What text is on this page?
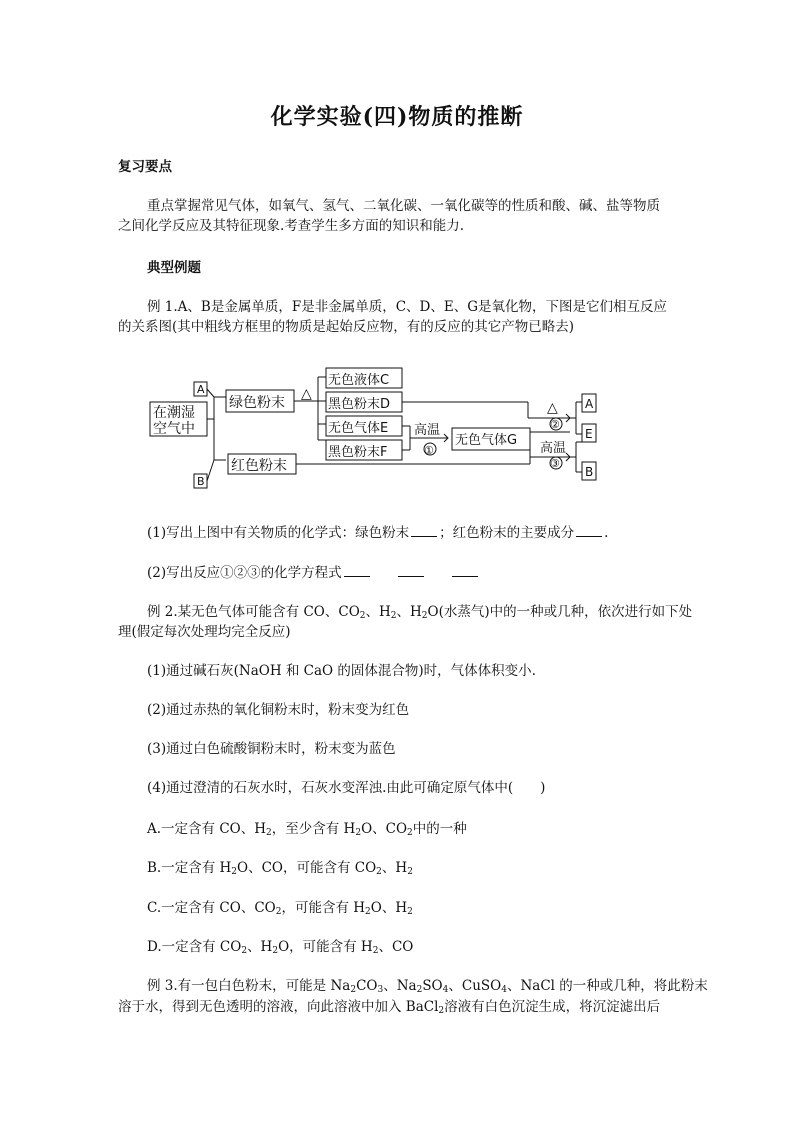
化学实验(四)物质的推断
复习要点
重点掌握常见气体，如氧气、氢气、二氧化碳、一氧化碳等的性质和酸、碱、盐等物质
之间化学反应及其特征现象.考查学生多方面的知识和能力.
典型例题
例 1.A、B是金属单质，F是非金属单质，C、D、E、G是氧化物，下图是它们相互反应
的关系图(其中粗线方框里的物质是起始反应物，有的反应的其它产物已略去)
A
B
在潮湿
空气中
绿色粉末
红色粉末
△
无色液体C
黑色粉末D
无色气体E
黑色粉末F
高温
①
无色气体G
△
②
高温
③
A
E
B
(1)写出上图中有关物质的化学式：绿色粉末 ；红色粉末的主要成分 .
(2)写出反应①②③的化学方程式
例 2.某无色气体可能含有 CO、$CO_2$、$H_2$、$H_2O$(水蒸气)中的一种或几种，依次进行如下处
理(假定每次处理均完全反应)
(1)通过碱石灰(NaOH 和 CaO 的固体混合物)时，气体体积变小.
(2)通过赤热的氧化铜粉末时，粉末变为红色
(3)通过白色硫酸铜粉末时，粉末变为蓝色
(4)通过澄清的石灰水时，石灰水变浑浊.由此可确定原气体中(　　)
A.一定含有 CO、$H_2$，至少含有 $H_2O$、$CO_2$中的一种
B.一定含有 $H_2O$、CO，可能含有 $CO_2$、$H_2$
C.一定含有 CO、$CO_2$，可能含有 $H_2O$、$H_2$
D.一定含有 $CO_2$、$H_2O$，可能含有 $H_2$、CO
例 3.有一包白色粉末，可能是 $Na_2CO_3$、$Na_2SO_4$、CuSO$_4$、NaCl 的一种或几种，将此粉末
溶于水，得到无色透明的溶液，向此溶液中加入 BaCl$_2$溶液有白色沉淀生成，将沉淀滤出后
